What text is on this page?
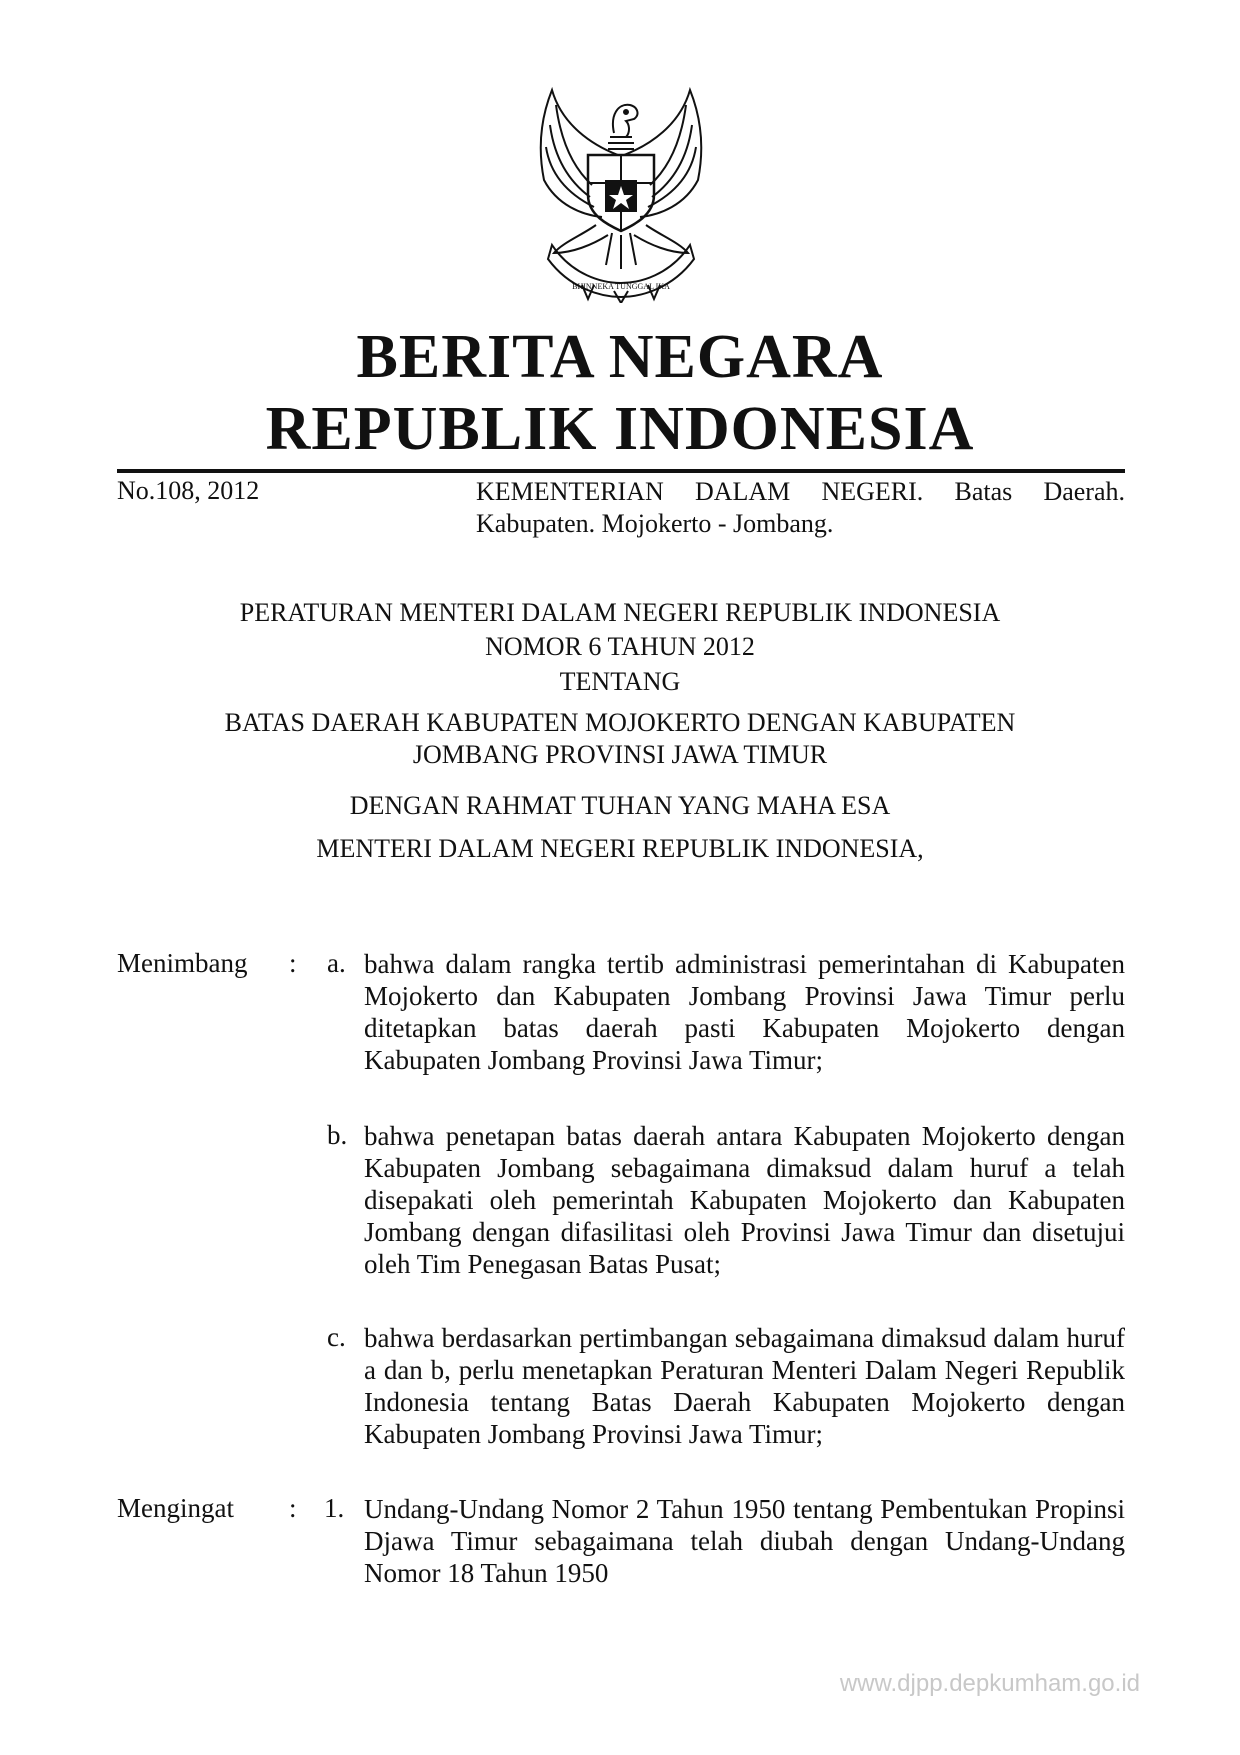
BHINNEKA TUNGGAL IKA
BERITA NEGARA
REPUBLIK INDONESIA
No.108, 2012	KEMENTERIAN DALAM NEGERI. Batas Daerah. Kabupaten. Mojokerto - Jombang.
PERATURAN MENTERI DALAM NEGERI REPUBLIK INDONESIA
NOMOR 6 TAHUN 2012
TENTANG
BATAS DAERAH KABUPATEN MOJOKERTO DENGAN KABUPATEN
JOMBANG PROVINSI JAWA TIMUR
DENGAN RAHMAT TUHAN YANG MAHA ESA
MENTERI DALAM NEGERI REPUBLIK INDONESIA,
Menimbang : a. bahwa dalam rangka tertib administrasi pemerintahan di Kabupaten Mojokerto dan Kabupaten Jombang Provinsi Jawa Timur perlu ditetapkan batas daerah pasti Kabupaten Mojokerto dengan Kabupaten Jombang Provinsi Jawa Timur;

b. bahwa penetapan batas daerah antara Kabupaten Mojokerto dengan Kabupaten Jombang sebagaimana dimaksud dalam huruf a telah disepakati oleh pemerintah Kabupaten Mojokerto dan Kabupaten Jombang dengan difasilitasi oleh Provinsi Jawa Timur dan disetujui oleh Tim Penegasan Batas Pusat;

c. bahwa berdasarkan pertimbangan sebagaimana dimaksud dalam huruf a dan b, perlu menetapkan Peraturan Menteri Dalam Negeri Republik Indonesia tentang Batas Daerah Kabupaten Mojokerto dengan Kabupaten Jombang Provinsi Jawa Timur;

Mengingat : 1. Undang-Undang Nomor 2 Tahun 1950 tentang Pembentukan Propinsi Djawa Timur sebagaimana telah diubah dengan Undang-Undang Nomor 18 Tahun 1950

www.djpp.depkumham.go.id
